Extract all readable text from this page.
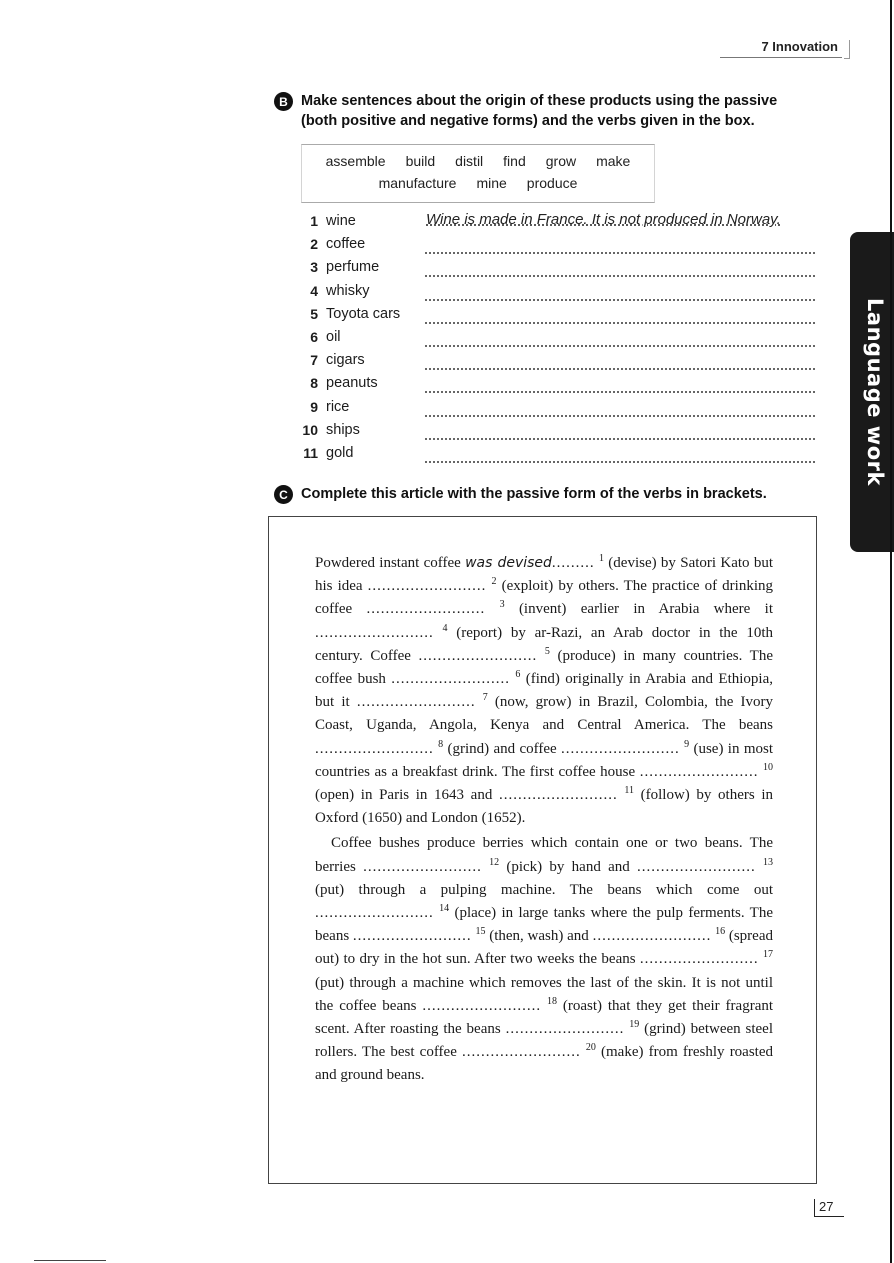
7 Innovation
Language work
B Make sentences about the origin of these products using the passive (both positive and negative forms) and the verbs given in the box.
assemble build distil find grow make
manufacture mine produce
1 wine	Wine is made in France. It is not produced in Norway.
2 coffee
3 perfume
4 whisky
5 Toyota cars
6 oil
7 cigars
8 peanuts
9 rice
10 ships
11 gold
C Complete this article with the passive form of the verbs in brackets.

Powdered instant coffee was devised......... $^1$ (devise) by Satori Kato but his idea ......................... $^2$ (exploit) by others. The practice of drinking coffee ......................... $^3$ (invent) earlier in Arabia where it ......................... $^4$ (report) by ar-Razi, an Arab doctor in the 10th century. Coffee ......................... $^5$ (produce) in many countries. The coffee bush ......................... $^6$ (find) originally in Arabia and Ethiopia, but it ......................... $^7$ (now, grow) in Brazil, Colombia, the Ivory Coast, Uganda, Angola, Kenya and Central America. The beans ......................... $^8$ (grind) and coffee ......................... $^9$ (use) in most countries as a breakfast drink. The first coffee house ......................... $^{10}$ (open) in Paris in 1643 and ......................... $^{11}$ (follow) by others in Oxford (1650) and London (1652).

Coffee bushes produce berries which contain one or two beans. The berries ......................... $^{12}$ (pick) by hand and ......................... $^{13}$ (put) through a pulping machine. The beans which come out ......................... $^{14}$ (place) in large tanks where the pulp ferments. The beans ......................... $^{15}$ (then, wash) and ......................... $^{16}$ (spread out) to dry in the hot sun. After two weeks the beans ......................... $^{17}$ (put) through a machine which removes the last of the skin. It is not until the coffee beans ......................... $^{18}$ (roast) that they get their fragrant scent. After roasting the beans ......................... $^{19}$ (grind) between steel rollers. The best coffee ......................... $^{20}$ (make) from freshly roasted and ground beans.

27
